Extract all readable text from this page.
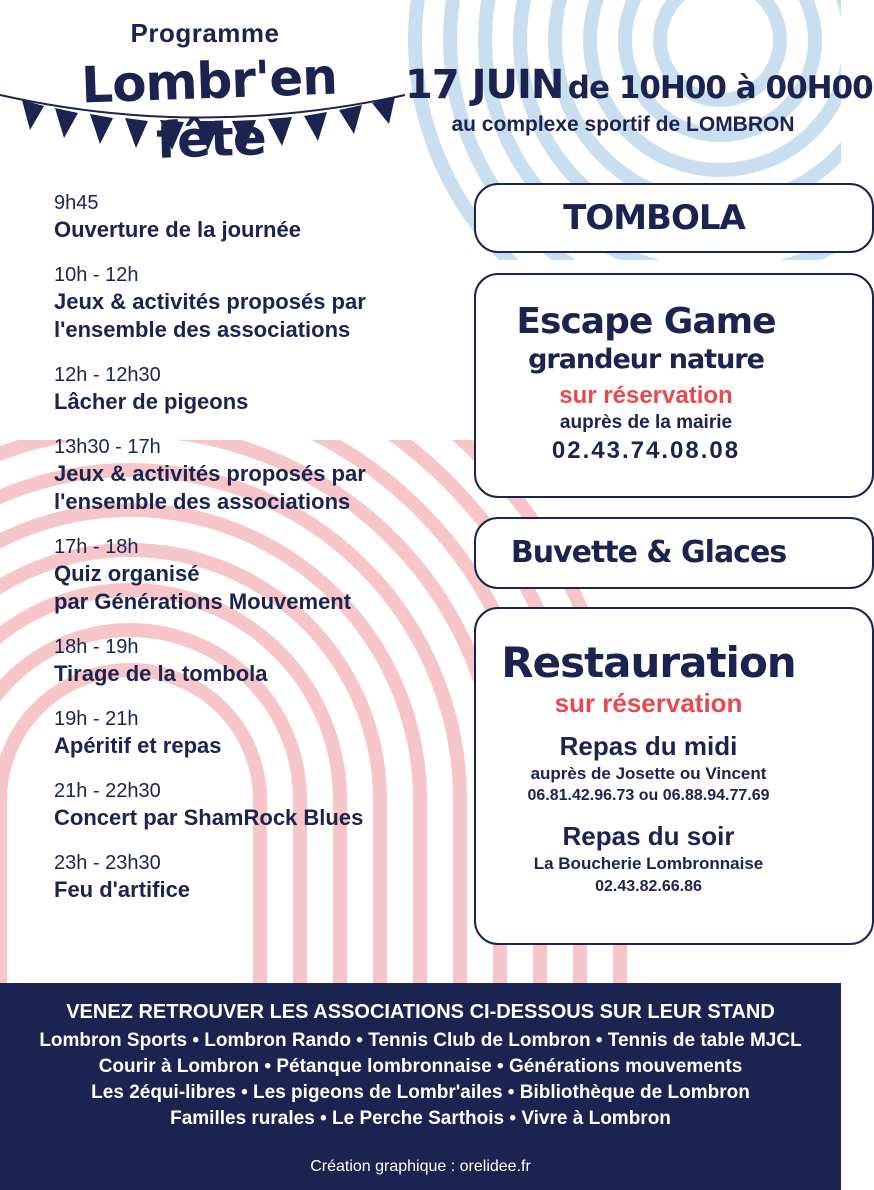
Programme
Lombr'en fête
17 JUIN de 10H00 à 00H00
au complexe sportif de LOMBRON
9h45
Ouverture de la journée
10h - 12h
Jeux & activités proposés par
l'ensemble des associations
12h - 12h30
Lâcher de pigeons
13h30 - 17h
Jeux & activités proposés par
l'ensemble des associations
17h - 18h
Quiz organisé
par Générations Mouvement
18h - 19h
Tirage de la tombola
19h - 21h
Apéritif et repas
21h - 22h30
Concert par ShamRock Blues
23h - 23h30
Feu d'artifice
TOMBOLA
Escape Game
grandeur nature
sur réservation
auprès de la mairie
02.43.74.08.08
Buvette & Glaces
Restauration
sur réservation
Repas du midi
auprès de Josette ou Vincent
06.81.42.96.73 ou 06.88.94.77.69
Repas du soir
La Boucherie Lombronnaise
02.43.82.66.86
VENEZ RETROUVER LES ASSOCIATIONS CI-DESSOUS SUR LEUR STAND
Lombron Sports • Lombron Rando • Tennis Club de Lombron • Tennis de table MJCL
Courir à Lombron • Pétanque lombronnaise • Générations mouvements
Les 2équi-libres • Les pigeons de Lombr'ailes • Bibliothèque de Lombron
Familles rurales • Le Perche Sarthois • Vivre à Lombron
Création graphique : orelidee.fr
